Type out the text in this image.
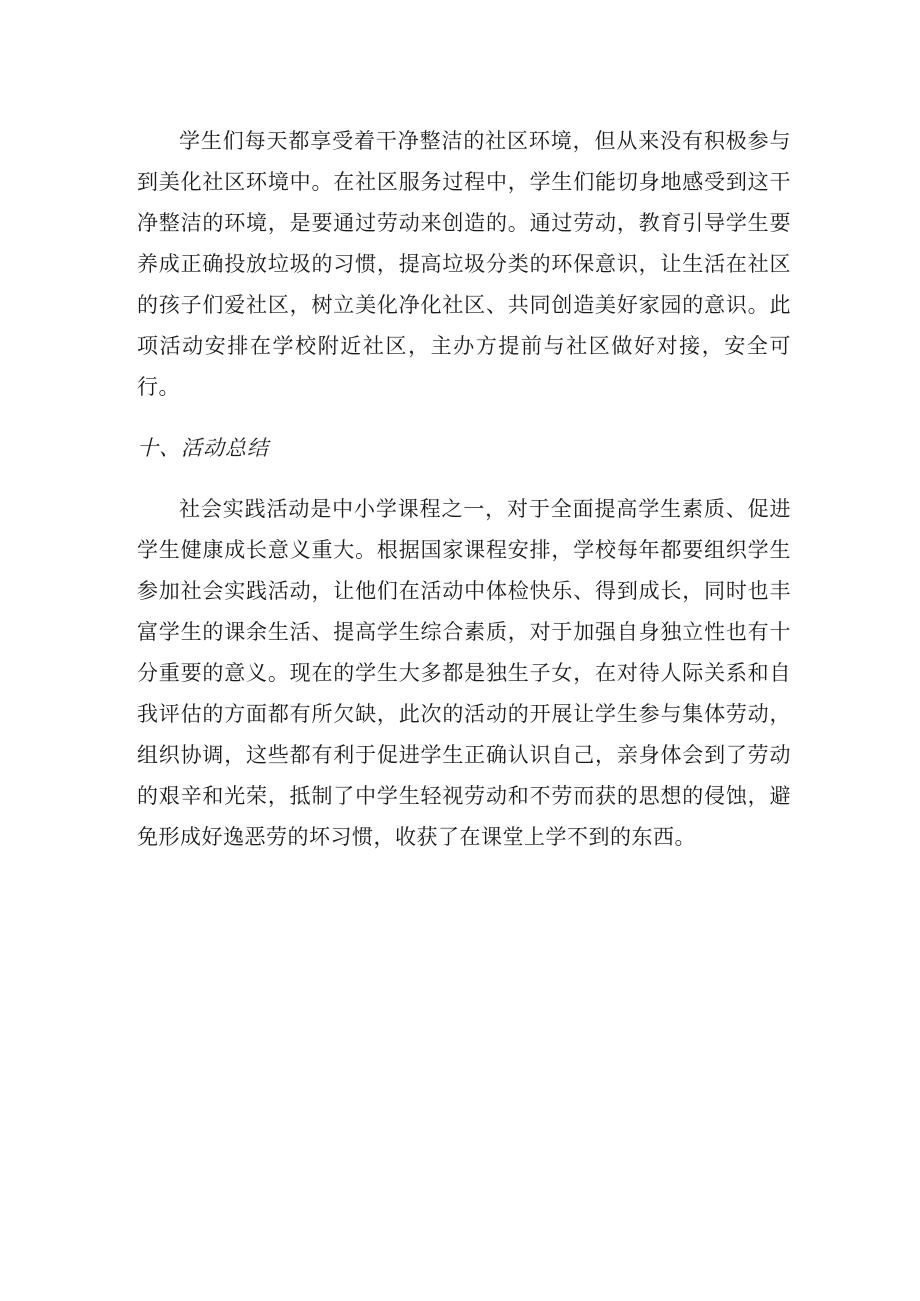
学生们每天都享受着干净整洁的社区环境，但从来没有积极参与到美化社区环境中。在社区服务过程中，学生们能切身地感受到这干净整洁的环境，是要通过劳动来创造的。通过劳动，教育引导学生要养成正确投放垃圾的习惯，提高垃圾分类的环保意识，让生活在社区的孩子们爱社区，树立美化净化社区、共同创造美好家园的意识。此项活动安排在学校附近社区，主办方提前与社区做好对接，安全可行。

十、活动总结

社会实践活动是中小学课程之一，对于全面提高学生素质、促进学生健康成长意义重大。根据国家课程安排，学校每年都要组织学生参加社会实践活动，让他们在活动中体检快乐、得到成长，同时也丰富学生的课余生活、提高学生综合素质，对于加强自身独立性也有十分重要的意义。现在的学生大多都是独生子女，在对待人际关系和自我评估的方面都有所欠缺，此次的活动的开展让学生参与集体劳动，组织协调，这些都有利于促进学生正确认识自己，亲身体会到了劳动的艰辛和光荣，抵制了中学生轻视劳动和不劳而获的思想的侵蚀，避免形成好逸恶劳的坏习惯，收获了在课堂上学不到的东西。
